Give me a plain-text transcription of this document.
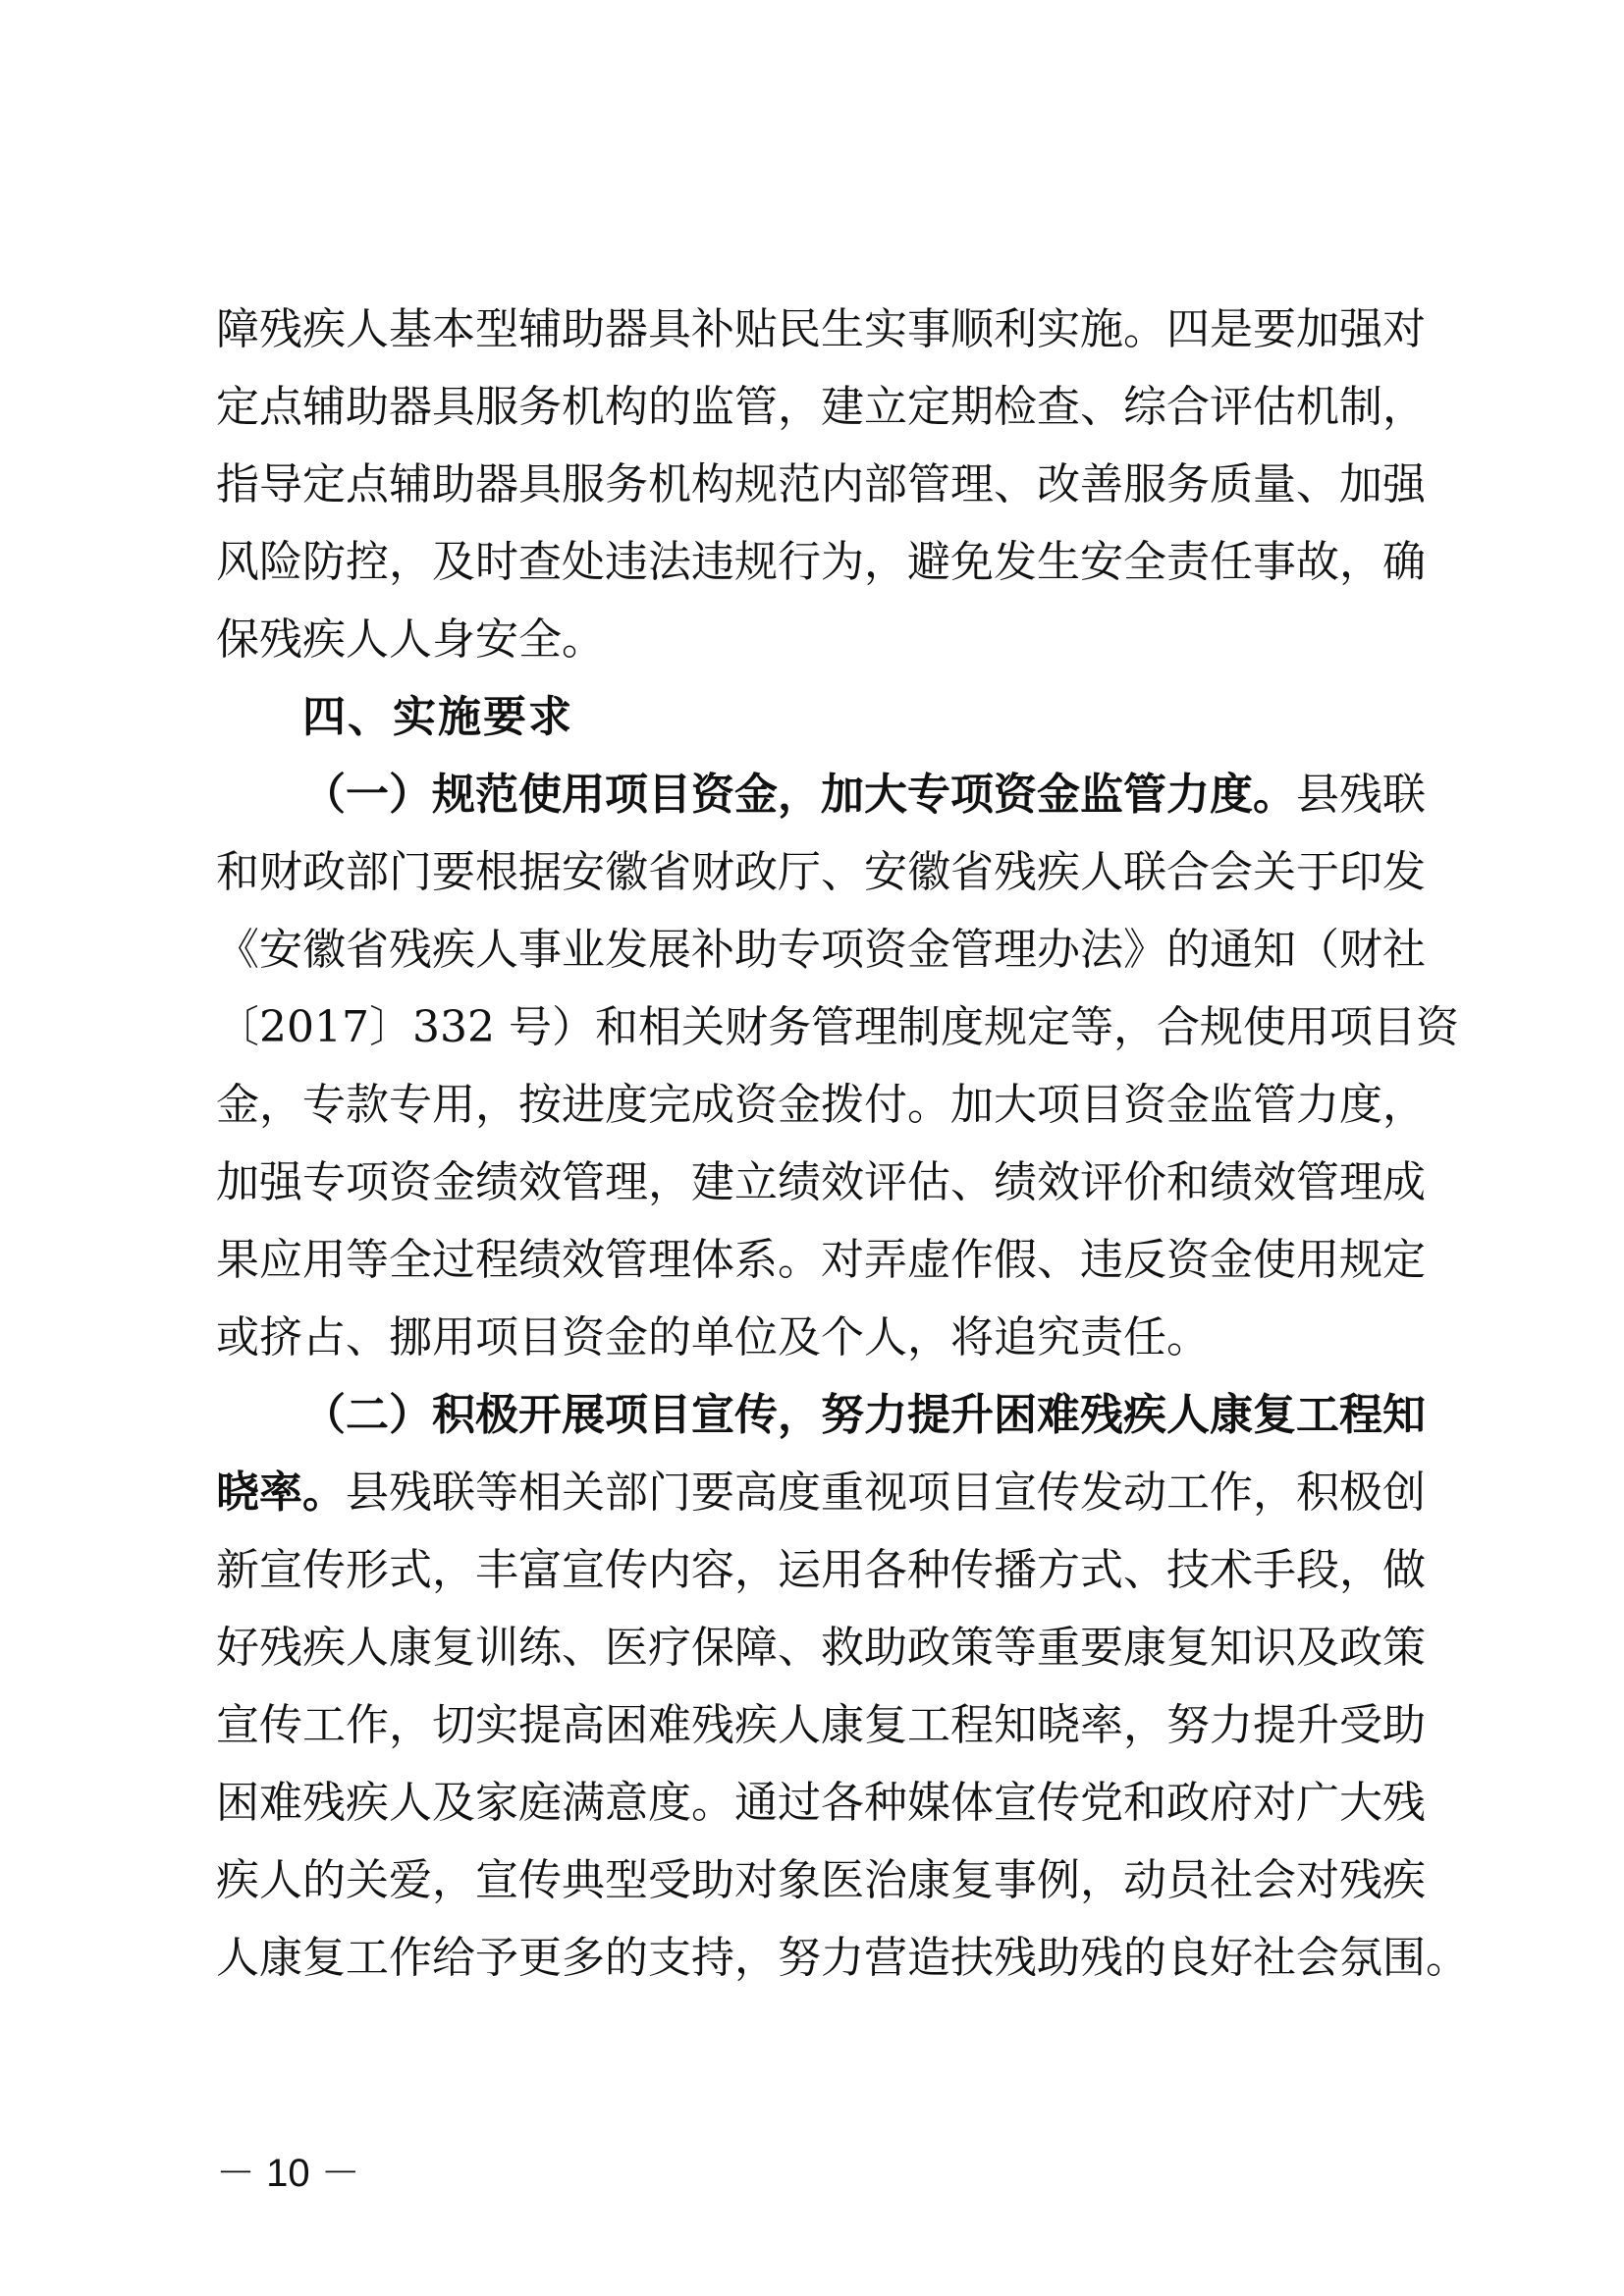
障残疾人基本型辅助器具补贴民生实事顺利实施。四是要加强对
定点辅助器具服务机构的监管，建立定期检查、综合评估机制，
指导定点辅助器具服务机构规范内部管理、改善服务质量、加强
风险防控，及时查处违法违规行为，避免发生安全责任事故，确
保残疾人人身安全。
四、实施要求
（一）规范使用项目资金，加大专项资金监管力度。县残联
和财政部门要根据安徽省财政厅、安徽省残疾人联合会关于印发
《安徽省残疾人事业发展补助专项资金管理办法》的通知（财社
〔2017〕332 号）和相关财务管理制度规定等，合规使用项目资
金，专款专用，按进度完成资金拨付。加大项目资金监管力度，
加强专项资金绩效管理，建立绩效评估、绩效评价和绩效管理成
果应用等全过程绩效管理体系。对弄虚作假、违反资金使用规定
或挤占、挪用项目资金的单位及个人，将追究责任。
（二）积极开展项目宣传，努力提升困难残疾人康复工程知
晓率。县残联等相关部门要高度重视项目宣传发动工作，积极创
新宣传形式，丰富宣传内容，运用各种传播方式、技术手段，做
好残疾人康复训练、医疗保障、救助政策等重要康复知识及政策
宣传工作，切实提高困难残疾人康复工程知晓率，努力提升受助
困难残疾人及家庭满意度。通过各种媒体宣传党和政府对广大残
疾人的关爱，宣传典型受助对象医治康复事例，动员社会对残疾
人康复工作给予更多的支持，努力营造扶残助残的良好社会氛围。
－ 10 －
